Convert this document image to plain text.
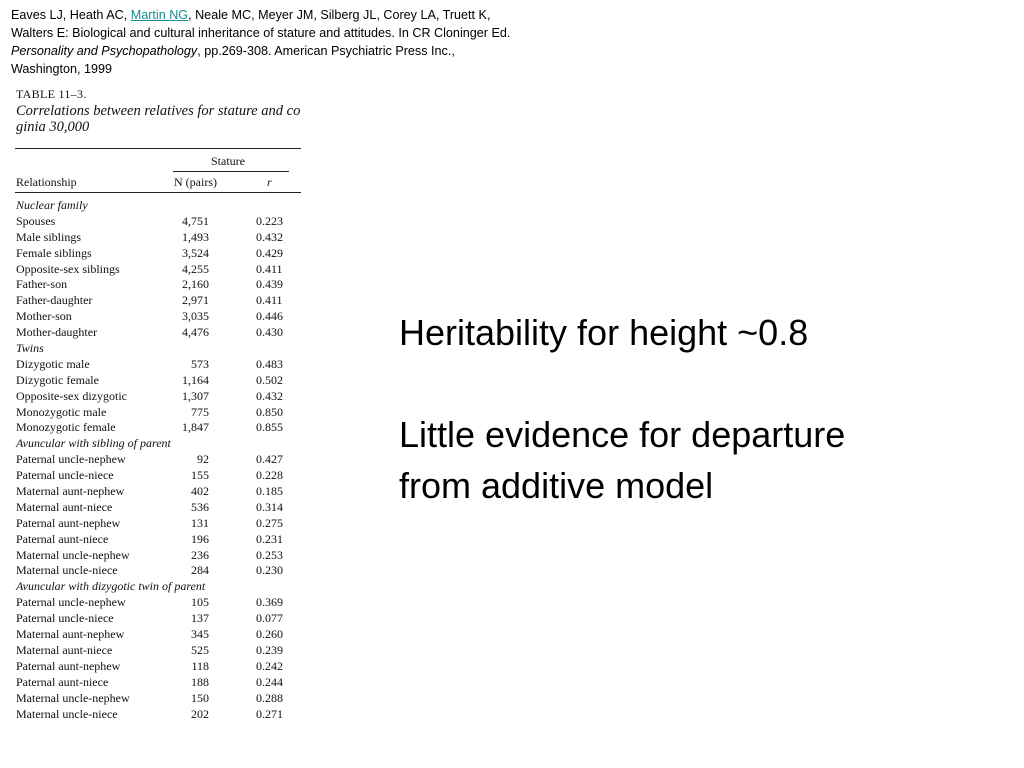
Eaves LJ, Heath AC, Martin NG, Neale MC, Meyer JM, Silberg JL, Corey LA, Truett K, Walters E: Biological and cultural inheritance of stature and attitudes. In CR Cloninger Ed. Personality and Psychopathology, pp.269-308. American Psychiatric Press Inc., Washington, 1999
TABLE 11–3.
Correlations between relatives for stature and co
ginia 30,000
Stature
Relationship	N (pairs)	r
Nuclear family
Spouses	4,751	0.223
Male siblings	1,493	0.432
Female siblings	3,524	0.429
Opposite-sex siblings	4,255	0.411
Father-son	2,160	0.439
Father-daughter	2,971	0.411
Mother-son	3,035	0.446
Mother-daughter	4,476	0.430
Twins
Dizygotic male	573	0.483
Dizygotic female	1,164	0.502
Opposite-sex dizygotic	1,307	0.432
Monozygotic male	775	0.850
Monozygotic female	1,847	0.855
Avuncular with sibling of parent
Paternal uncle-nephew	92	0.427
Paternal uncle-niece	155	0.228
Maternal aunt-nephew	402	0.185
Maternal aunt-niece	536	0.314
Paternal aunt-nephew	131	0.275
Paternal aunt-niece	196	0.231
Maternal uncle-nephew	236	0.253
Maternal uncle-niece	284	0.230
Avuncular with dizygotic twin of parent
Paternal uncle-nephew	105	0.369
Paternal uncle-niece	137	0.077
Maternal aunt-nephew	345	0.260
Maternal aunt-niece	525	0.239
Paternal aunt-nephew	118	0.242
Paternal aunt-niece	188	0.244
Maternal uncle-nephew	150	0.288
Maternal uncle-niece	202	0.271

Heritability for height ~0.8

Little evidence for departure

from additive model
